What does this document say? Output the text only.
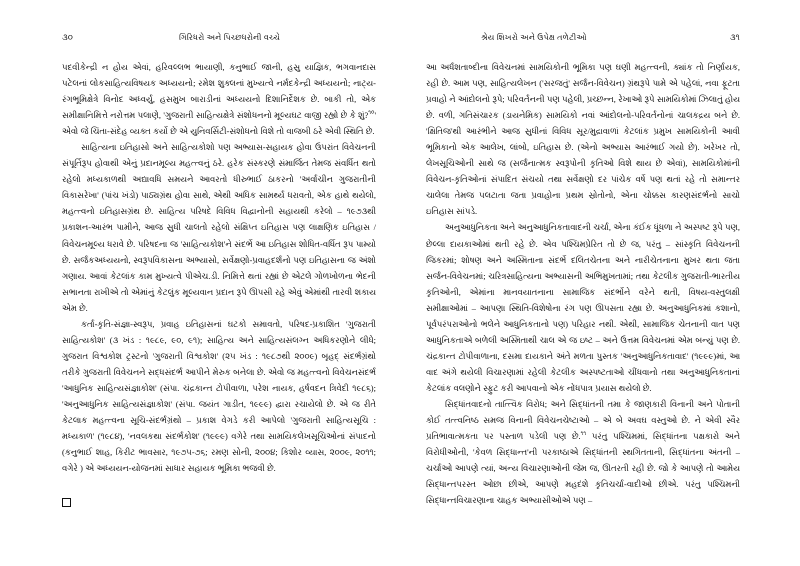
૩૦	ગિરિધરો અને પિચ્છધરોની વચ્ચે

પદવીકેન્દ્રી ન હોય એવાં, હરિવલ્લભ ભાયાણી, કનુભાઈ જાની, હસુ યાજ્ઞિક, ભગવાનદાસ પટેલનાં લોકસાહિત્યવિષયક અધ્યયનો; રમેશ શુક્લનાં મુખ્યત્વે નર્મદકેન્દ્રી અધ્યયનો; નાટ્ય-રંગભૂમિક્ષેત્રે વિનોદ અધ્વર્યુ, હસમુખ બારાડીનાં અધ્યયનો દિશાનિર્દેશક છે. બાકી તો, એક સમીક્ષાનિમિત્તે નરોત્તમ પલાણે, 'ગુજરાતી સાહિત્યક્ષેત્રે સંશોધનનો મૂલ્યઘટ વાજી રહ્યો છે કે શું?$^{૧૦}$' એવો જે ચિંતા-સંદેહ વ્યક્ત કર્યો છે એ યુનિવર્સિટી-સંશોધનો વિશે તો વાજબી ઠરે એવી સ્થિતિ છે.

સાહિત્યના ઇતિહાસો અને સાહિત્યકોશો પણ અભ્યાસ-સહાયક હોવા ઉપરાંત વિવેચનની સંપૂર્તિરૂપ હોવાથી એનું પ્રદાનમૂલ્ય મહત્ત્વનું ઠરે. હરેક સંસ્કરણે સંમાર્જિત તેમજ સંવર્ધિત થતો રહેલો મધ્યકાળથી અદ્યાવધિ સમયને આવરતો ધીરુભાઈ ઠાકરનો 'અર્વાચીન ગુજરાતીની વિકાસરેખા' (પાંચ ખંડો) પાઠ્યગ્રંથ હોવા સાથે, એથી અધિક સામર્થ્ય ધરાવતો, એક હાથે થયેલો, મહત્ત્વનો ઇતિહાસગ્રંથ છે. સાહિત્ય પરિષદે વિવિધ વિદ્વાનોની સહાયથી કરેલો – ૧૯૭૩થી પ્રકાશન-આરંભ પામીને, આજ સુધી ચાલતો રહેલો સંક્ષિપ્ત ઇતિહાસ પણ લાક્ષણિક ઇતિહાસ / વિવેચનમૂલ્ય ધરાવે છે. પરિષદના જ 'સાહિત્યકોશ'ને સંદર્ભે આ ઇતિહાસ શોધિત-વર્ધિત રૂપ પામ્યો છે. સર્જકઅધ્યયનો, સ્વરૂપવિકાસના અભ્યાસો, સર્વેક્ષણો-પ્રવાહદર્શનો પણ ઇતિહાસના જ અંશો ગણાય. આવાં કેટલાંક કામ મુખ્યત્વે પીએચ.ડી. નિમિત્તે થતાં રહ્યાં છે એટલે ગોળખોળના ભેદની સભાનતા રાખીએ તો એમાંનું કેટલુંક મૂલ્યવાન પ્રદાન રૂપે ઊપસી રહે એવું એમાંથી તારવી શકાય એમ છે.

કર્તા-કૃતિ-સંજ્ઞા-સ્વરૂપ, પ્રવાહ ઇતિહાસનાં ઘટકો સમાવતો, પરિષદ-પ્રકાશિત 'ગુજરાતી સાહિત્યકોશ' (૩ ખંડ : ૧૯૮૯, ૯૦, ૯૧); સાહિત્ય અને સાહિત્યસંલગ્ન અધિકરણોને લીધે; ગુજરાત વિશ્વકોશ ટ્રસ્ટનો 'ગુજરાતી વિશ્વકોશ' (૨૫ ખંડ : ૧૯૮૭થી ૨૦૦૯) બૃહદ્ સંદર્ભગ્રંથો તરીકે ગુજરાતી વિવેચનને સદ્ધસંદર્ભ આપીને મેરુક બનેલા છે. એવો જ મહત્ત્વનો વિવેચનસંદર્ભ 'આધુનિક સાહિત્યસંજ્ઞાકોશ' (સંપા. ચંદ્રકાન્ત ટોપીવાળા, પરેશ નાયક, હર્ષવદન ત્રિવેદી ૧૯૮૬); 'અનુઆધુનિક સાહિત્યસંજ્ઞાકોશ' (સંપા. જયંત ગાડીત, ૧૯૯૯) દ્વારા રચાયેલો છે. એ જ રીતે કેટલાક મહત્ત્વના સૂચિ-સંદર્ભગ્રંથો – પ્રકાશ વેગડે કરી આપેલો 'ગુજરાતી સાહિત્યસૂચિ : મધ્યકાળ' (૧૯૮૪), 'નવલકથા સંદર્ભકોશ' (૧૯૯૯) વગેરે તથા સામયિકલેખસૂચિઓનાં સંપાદનો (કનુભાઈ શાહ, કિરીટ ભાવસાર, ૧૯૭૫-૭૬; રમણ સોની, ૨૦૦૪; કિશોર વ્યાસ, ૨૦૦૯, ૨૦૧૧; વગેરે ) એ અધ્યયન-યોજનમાં સાધાર સહાયક ભૂમિકા ભજવી છે.

શ્રેય શિખરો અને ઉપેક્ષ તળેટીઓ	૩૧

આ અર્ધશતાબ્દીના વિવેચનમાં સામયિકોની ભૂમિકા પણ ઘણી મહત્ત્વની, ક્યાંક તો નિર્ણાયક, રહી છે. આમ પણ, સાહિત્યલેખન ('સરજતું' સર્જન-વિવેચન) ગ્રંથરૂપે પામે એ પહેલાં, નવા ફૂટતા પ્રવાહો ને આંદોલનો રૂપે; પરિવર્તનની પણ પહેલી, પ્રચ્છન્ન, રેખાઓ રૂપે સામયિકોમાં ઝિલાતું હોય છે. વળી, ગતિસંચારક (ડાયનેમિક) સામયિકો નવાં આંદોલનો-પરિવર્તનોનાં ચાલકદ્રય બને છે. 'ક્ષિતિજ'થી આરંભીને આજ સુધીનાં વિવિધ સૂર/મુદ્રાવાળાં કેટલાંક પ્રમુખ સામયિકોની આવી ભૂમિકાનો એક આલેખ, લાંબો, ઇતિહાસ છે. (એનો અભ્યાસ આરંભાઈ ગયો છે). ખરેખર તો, લેખસૂચિઓની સાથે જ (સર્જનાત્મક સ્વરૂપોની કૃતિઓ વિશે થાય છે એવાં), સામયિકોમાંની વિવેચન-કૃતિઓનાં સંપાદિત સંચયો તથા સર્વેક્ષણો દર પાંચેક વર્ષે પણ થતાં રહે તો સમાન્તર ચાલેલા તેમજ પલટાતા જતા પ્રવાહોના પ્રથમ સ્રોતોનો, એના ચોક્કસ કારણસંદર્ભનો સાચો ઇતિહાસ સાંપડે.

અનુઆધુનિકતા અને અનુઆધુનિકતાવાદની ચર્ચા, એના કંઈક ધૂંધળા ને અસ્પષ્ટ રૂપે પણ, છેલ્લા દાયકાઓમાં થતી રહે છે. એવ પશ્ચિમપ્રેરિત તો છે જ, પરંતુ – સાંસ્કૃતિ વિવેચનની જિકરમાં; શોષણ અને અસ્મિતાના સંદર્ભે દલિતચેતના અને નારીચેતનાના મુખર થતા જતા સર્જન-વિવેચનમાં; ચરિત્રસાહિત્યના અભ્યાસની અભિમુખતામાં; તથા કેટલીક ગુજરાતી-ભારતીય કૃતિઓની, એમાંના માનવયાતનાના સામાજિક સંદર્ભોને વરેને થતી, વિષય-વસ્તુલક્ષી સમીક્ષાઓમાં – આપણા સ્થિતિ-વિશેષોના રંગ પણ ઊપસતા રહ્યા છે. અનુઆધુનિકમાં કશાનો, પૂર્વપરંપરાઓનો ભલેને આધુનિકતાનો પણ) પરિહાર નથી. એથી, સામાજિક ચેતનાની વાત પણ આધુનિકતાએ બળેલી અસ્મિતાથી ચાલ એ જ ઇષ્ટ – અને ઉત્તમ વિવેચનમાં એમ બન્યું પણ છે. ચંદ્રકાન્ત ટોપીવાળાના, દસમા દાયકાને અંતે મળતા પુસ્તક 'અનુઆધુનિકતાવાદ' (૧૯૯૯)માં, આ વાદ અંગે થયેલી વિચારણામાં રહેલી કેટલીક અસ્પષ્ટતાઓ ચીંધવાનો તથા અનુઆધુનિકતાનાં કેટલાંક વલણોને સ્ફુટ કરી આપવાનો એક નોંધપાત્ર પ્રયાસ થયેલો છે.

સિદ્ધાંતવાદનો તાત્ત્વિક વિરોધ; અને સિદ્ધાંતની તમા કે જાણકારી વિનાની અને પોતાની કોઈ તત્ત્વનિષ્ઠ સમજ વિનાની વિવેચનચેષ્ટાઓ – એ બે અવઘ વસ્તુઓ છે. ને એવી સ્વૈર પ્રતિભાવાત્મકતા પર પસ્તાળ પડેલી પણ છે.$^{૧૧}$ પરંતુ પશ્ચિમમાં, સિદ્ધાંતના પક્ષકારો અને વિરોધીઓની, 'કેવળ સિદ્ધાન્ત'ની પરકાષ્ઠાએ સિદ્ધાંતની સ્થગિતતાની, સિદ્ધાંતના અંતની – ચર્ચાઓ આપણે ત્યાં, અન્ય વિચારણાઓની જેમ જ, ઊતરતી રહી છે. જો કે આપણે તો આમેય સિદ્ધાન્તપરસ્ત ઓછા છીએ, આપણે મહદંશે કૃતિચર્ચા-વાદીઓ છીએ. પરંતુ પશ્ચિમની સિદ્ધાન્તવિચારણાના ચાહક અભ્યાસીઓએ પણ –
